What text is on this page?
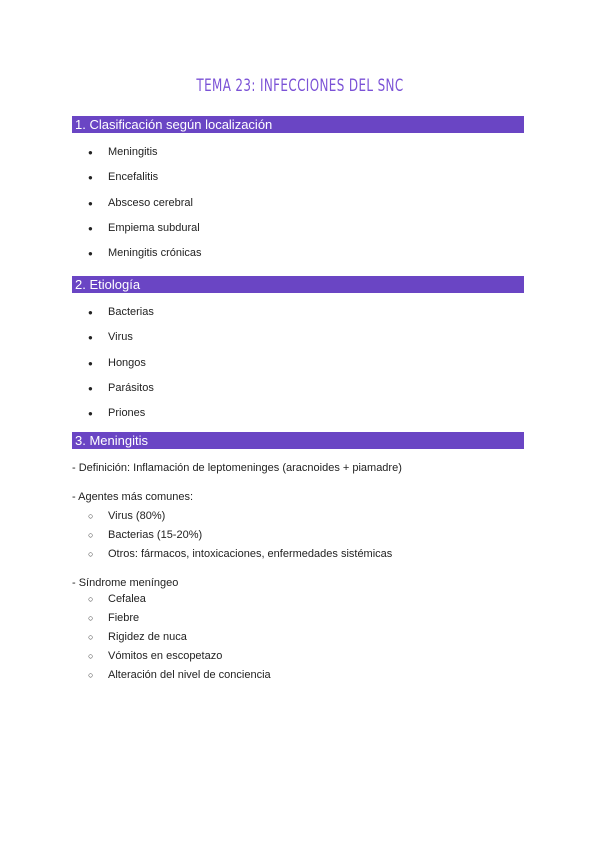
TEMA 23: INFECCIONES DEL SNC
1. Clasificación según localización
● Meningitis
● Encefalitis
● Absceso cerebral
● Empiema subdural
● Meningitis crónicas
2. Etiología
● Bacterias
● Virus
● Hongos
● Parásitos
● Priones
3. Meningitis
- Definición: Inflamación de leptomeninges (aracnoides + piamadre)
- Agentes más comunes:
○ Virus (80%)
○ Bacterias (15-20%)
○ Otros: fármacos, intoxicaciones, enfermedades sistémicas
- Síndrome meníngeo
○ Cefalea
○ Fiebre
○ Rigidez de nuca
○ Vómitos en escopetazo
○ Alteración del nivel de conciencia
